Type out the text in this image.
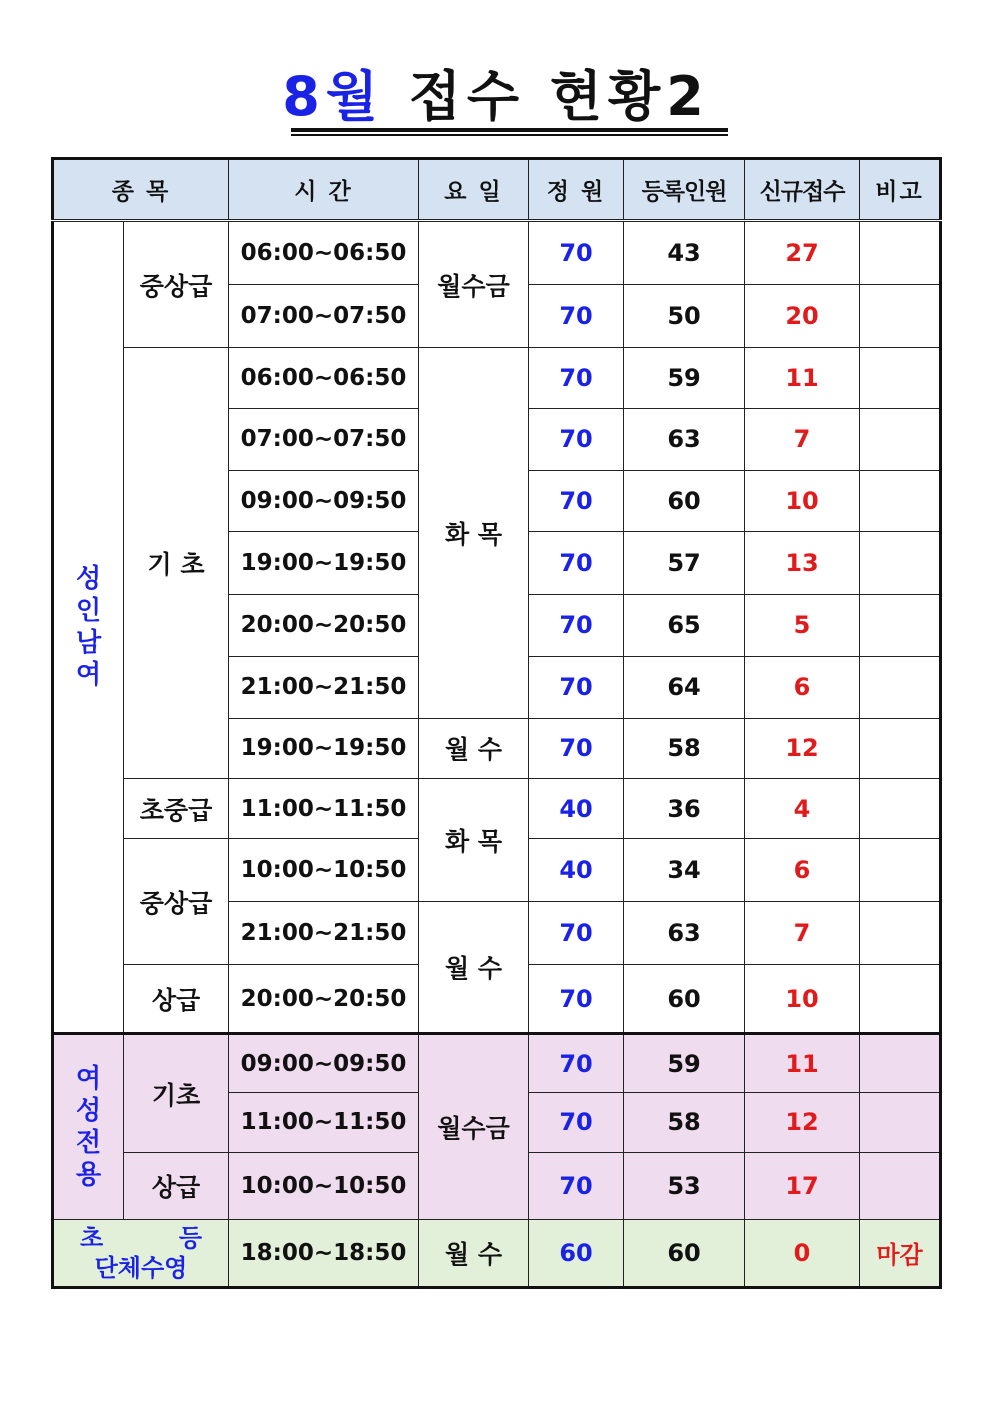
8월 접수 현황2
종 목		시 간	요 일	정 원	등록인원	신규접수	비고

성
인
남
여	중상급	06:00~06:50	월수금	70	43	27	
		07:00~07:50		70	50	20	
	기 초	06:00~06:50	화 목	70	59	11	
		07:00~07:50		70	63	7	
		09:00~09:50		70	60	10	
		19:00~19:50		70	57	13	
		20:00~20:50		70	65	5	
		21:00~21:50		70	64	6	
		19:00~19:50	월 수	70	58	12	
	초중급	11:00~11:50	화 목	40	36	4	
	중상급	10:00~10:50		40	34	6	
		21:00~21:50	월 수	70	63	7	
	상급	20:00~20:50		70	60	10	

여
성
전
용	기초	09:00~09:50	월수금	70	59	11	
		11:00~11:50		70	58	12	
	상급	10:00~10:50		70	53	17	

초 등
단체수영		18:00~18:50	월 수	60	60	0	마감
